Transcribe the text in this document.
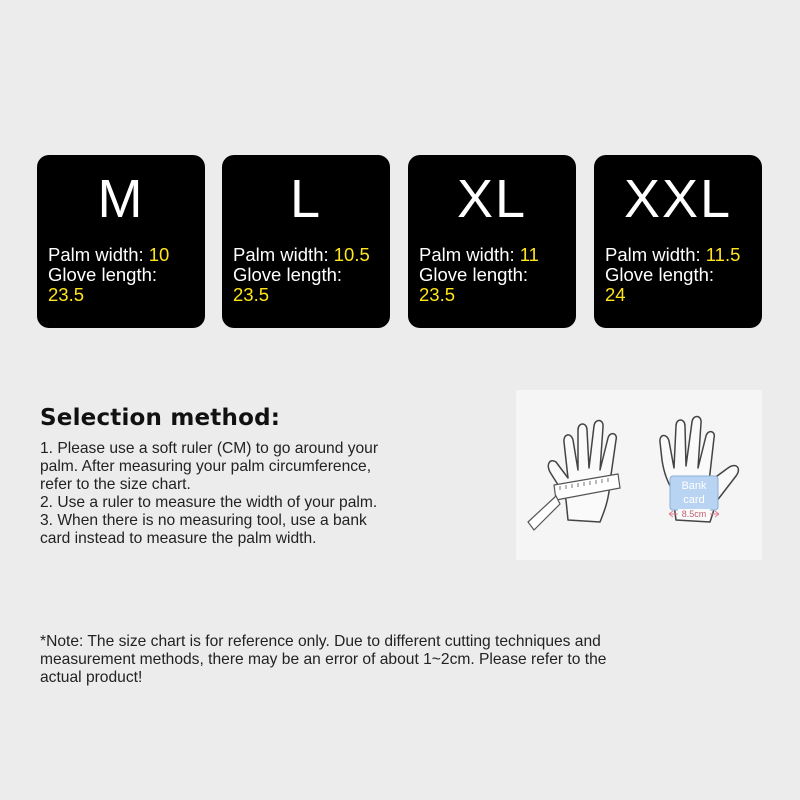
M
Palm width: 10
Glove length:
23.5
L
Palm width: 10.5
Glove length:
23.5
XL
Palm width: 11
Glove length:
23.5
XXL
Palm width: 11.5
Glove length:
24
Selection method:
1. Please use a soft ruler (CM) to go around your
palm. After measuring your palm circumference,
refer to the size chart.
2. Use a ruler to measure the width of your palm.
3. When there is no measuring tool, use a bank
card instead to measure the palm width.
Bank
card
8.5cm
*Note: The size chart is for reference only. Due to different cutting techniques and
measurement methods, there may be an error of about 1~2cm. Please refer to the
actual product!
